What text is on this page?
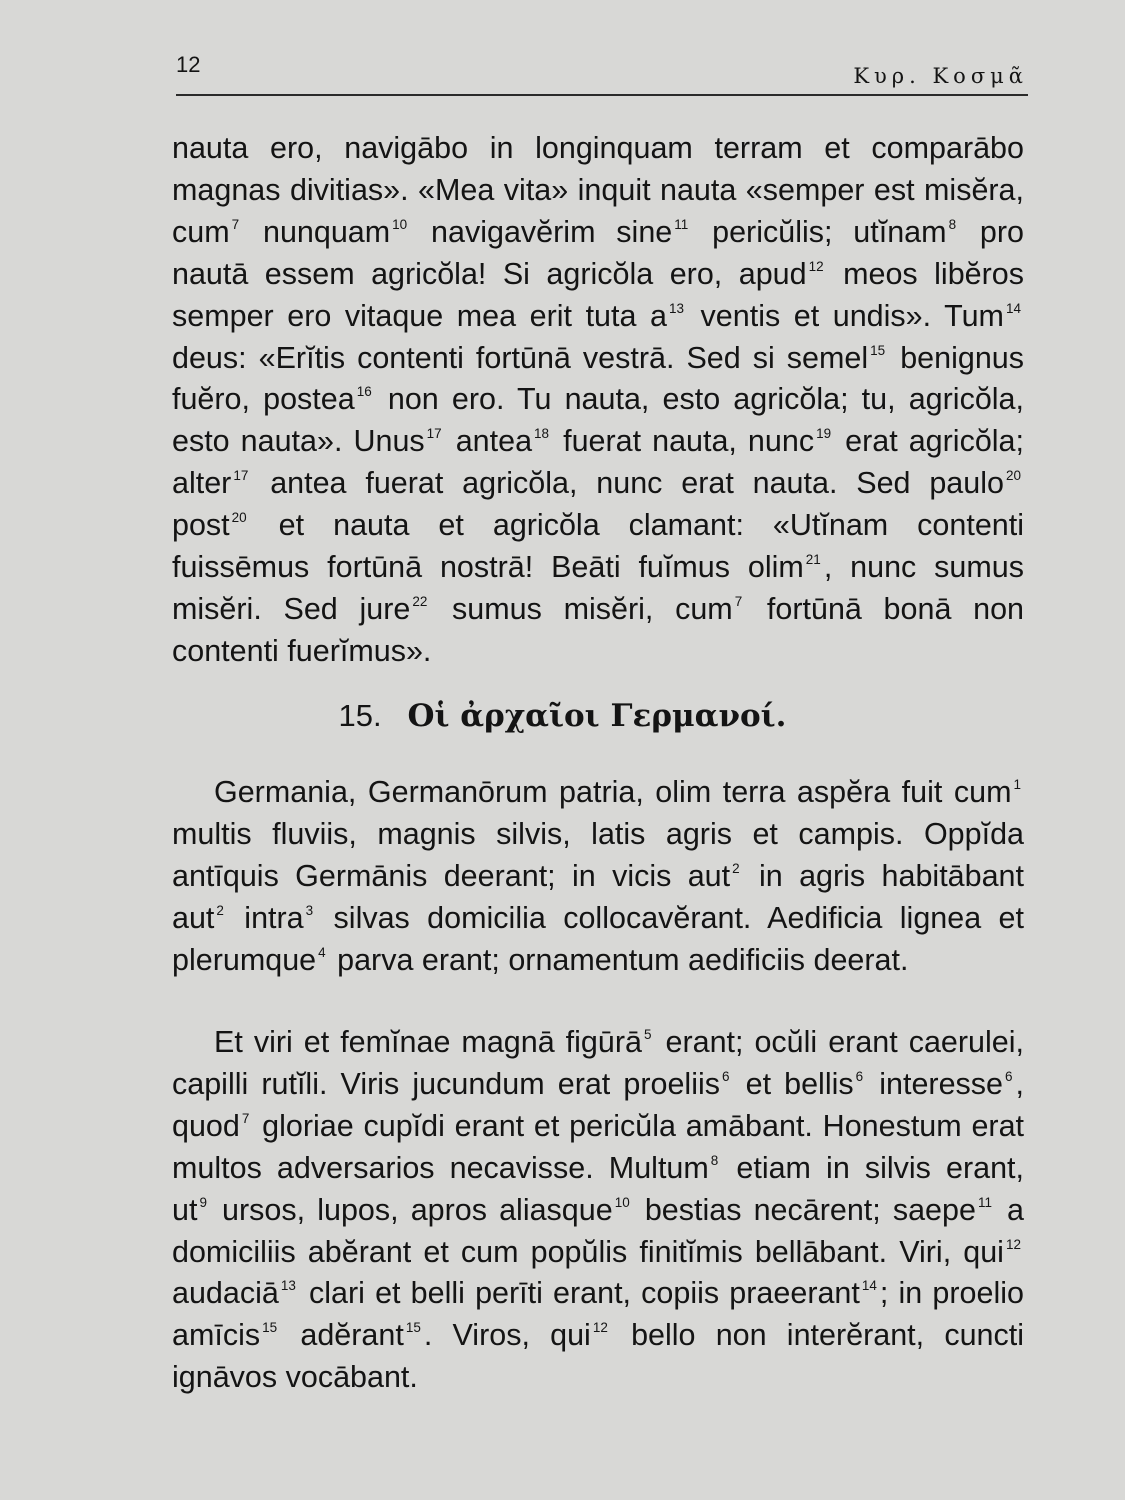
12	Κυρ. Κοσμᾶ

nauta ero, navigābo in longinquam terram et comparābo magnas divitias». «Mea vita» inquit nauta «semper est misĕra, cum $^7$ nunquam $^{10}$ navigavĕrim sine $^{11}$ pericŭlis; utĭnam $^8$ pro nautā essem agricŏla! Si agricŏla ero, apud $^{12}$ meos libĕros semper ero vitaque mea erit tuta a $^{13}$ ventis et undis». Tum $^{14}$ deus: «Erĭtis contenti fortūnā vestrā. Sed si semel $^{15}$ benignus fuĕro, postea $^{16}$ non ero. Tu nauta, esto agricŏla; tu, agricŏla, esto nauta». Unus $^{17}$ antea $^{18}$ fuerat nauta, nunc $^{19}$ erat agricŏla; alter $^{17}$ antea fuerat agricŏla, nunc erat nauta. Sed paulo $^{20}$ post $^{20}$ et nauta et agricŏla clamant: «Utĭnam contenti fuissēmus fortūnā nostrā! Beāti fuĭmus olim $^{21}$, nunc sumus misĕri. Sed jure $^{22}$ sumus misĕri, cum $^7$ fortūnā bonā non contenti fuerĭmus».

15. Οἱ ἀρχαῖοι Γερμανοί.

Germania, Germanōrum patria, olim terra aspĕra fuit cum $^1$ multis fluviis, magnis silvis, latis agris et campis. Oppĭda antīquis Germānis deerant; in vicis aut $^2$ in agris habitābant aut $^2$ intra $^3$ silvas domicilia collocavĕrant. Aedificia lignea et plerumque $^4$ parva erant; ornamentum aedificiis deerat.

Et viri et femĭnae magnā figūrā $^5$ erant; ocŭli erant caerulei, capilli rutĭli. Viris jucundum erat proeliis $^6$ et bellis $^6$ interesse $^6$, quod $^7$ gloriae cupĭdi erant et pericŭla amābant. Honestum erat multos adversarios necavisse. Multum $^8$ etiam in silvis erant, ut $^9$ ursos, lupos, apros aliasque $^{10}$ bestias necārent; saepe $^{11}$ a domiciliis abĕrant et cum popŭlis finitĭmis bellābant. Viri, qui $^{12}$ audaciā $^{13}$ clari et belli perīti erant, copiis praeerant $^{14}$; in proelio amīcis $^{15}$ adĕrant $^{15}$. Viros, qui $^{12}$ bello non interĕrant, cuncti ignāvos vocābant.
